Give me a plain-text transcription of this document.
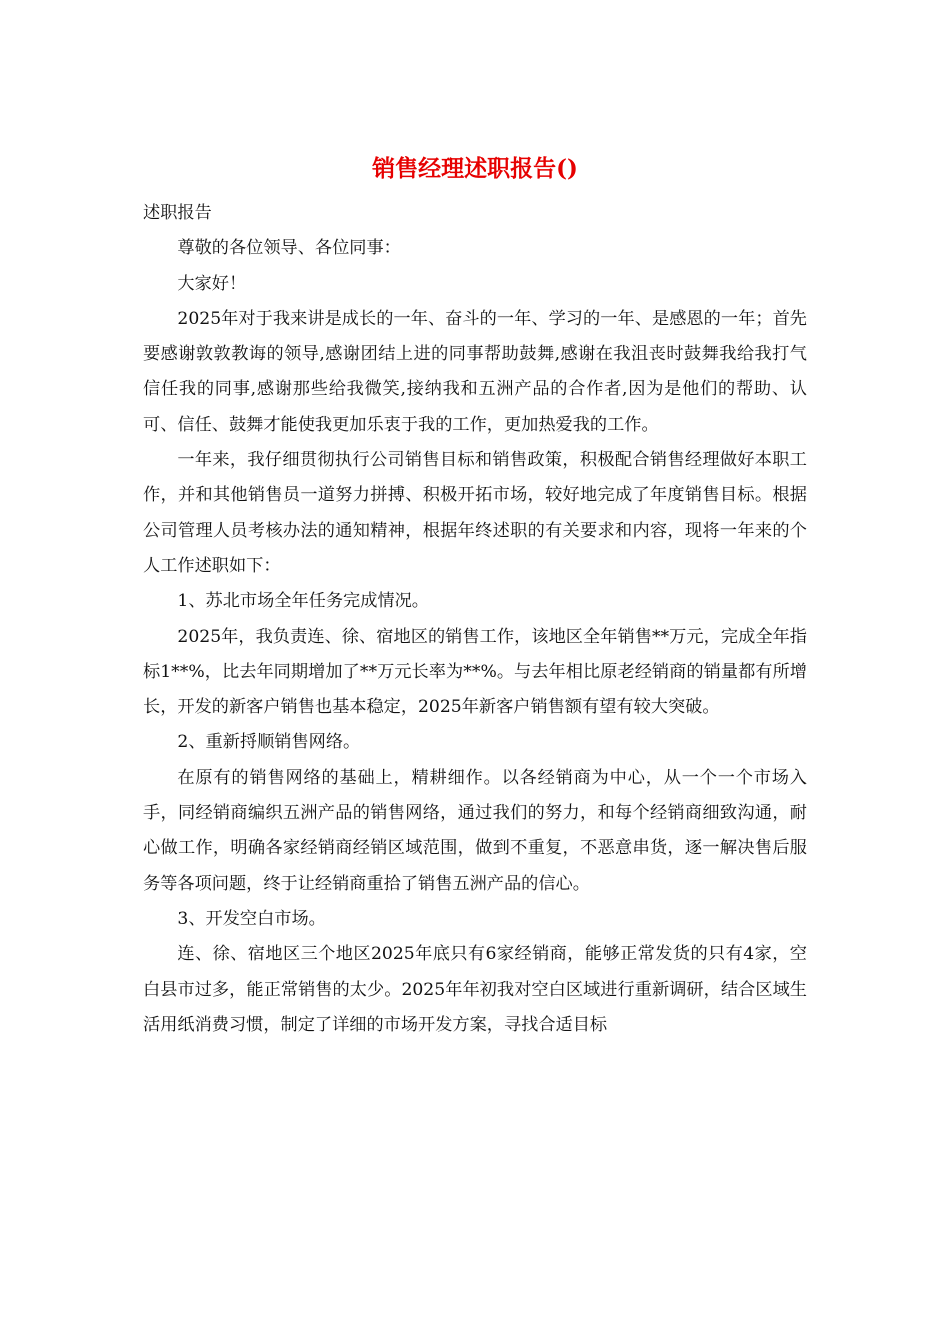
销售经理述职报告()

述职报告

尊敬的各位领导、各位同事：

大家好！

2025年对于我来讲是成长的一年、奋斗的一年、学习的一年、是感恩的一年；首先要感谢敦敦教诲的领导,感谢团结上进的同事帮助鼓舞,感谢在我沮丧时鼓舞我给我打气信任我的同事,感谢那些给我微笑,接纳我和五洲产品的合作者,因为是他们的帮助、认可、信任、鼓舞才能使我更加乐衷于我的工作，更加热爱我的工作。

一年来，我仔细贯彻执行公司销售目标和销售政策，积极配合销售经理做好本职工作，并和其他销售员一道努力拼搏、积极开拓市场，较好地完成了年度销售目标。根据公司管理人员考核办法的通知精神，根据年终述职的有关要求和内容，现将一年来的个人工作述职如下：

1、苏北市场全年任务完成情况。

2025年，我负责连、徐、宿地区的销售工作，该地区全年销售**万元，完成全年指标1**%，比去年同期增加了**万元长率为**%。与去年相比原老经销商的销量都有所增长，开发的新客户销售也基本稳定，2025年新客户销售额有望有较大突破。

2、重新捋顺销售网络。

在原有的销售网络的基础上，精耕细作。以各经销商为中心，从一个一个市场入手，同经销商编织五洲产品的销售网络，通过我们的努力，和每个经销商细致沟通，耐心做工作，明确各家经销商经销区域范围，做到不重复，不恶意串货，逐一解决售后服务等各项问题，终于让经销商重拾了销售五洲产品的信心。

3、开发空白市场。

连、徐、宿地区三个地区2025年底只有6家经销商，能够正常发货的只有4家，空白县市过多，能正常销售的太少。2025年年初我对空白区域进行重新调研，结合区域生活用纸消费习惯，制定了详细的市场开发方案，寻找合适目标
